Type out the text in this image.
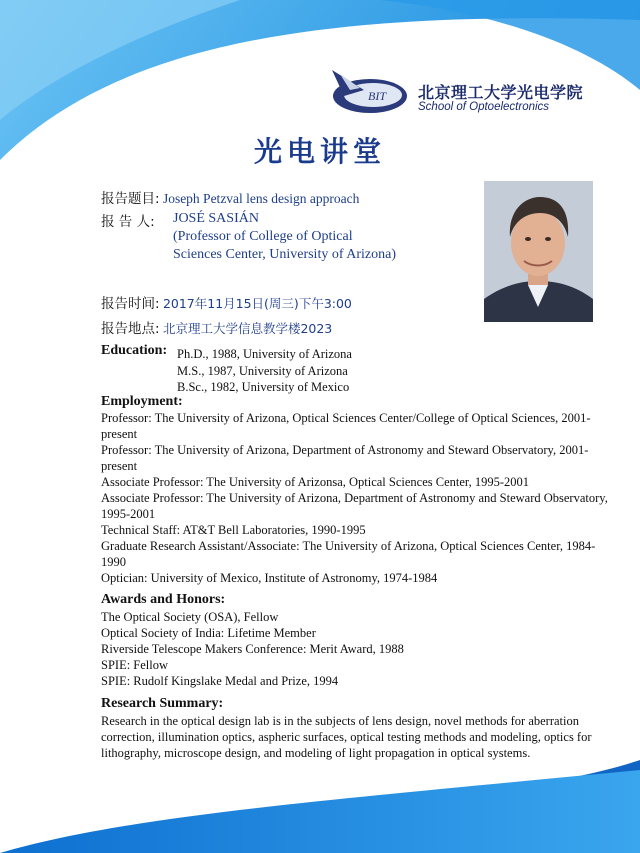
BIT 北京理工大学光电学院
School of Optoelectronics
光电讲堂
报告题目: Joseph Petzval lens design approach
报 告 人: JOSÉ SASIÁN
(Professor of College of Optical Sciences Center, University of Arizona)
报告时间: 2017年11月15日(周三)下午3:00
报告地点: 北京理工大学信息教学楼2023
Education: Ph.D., 1988, University of Arizona
M.S., 1987, University of Arizona
B.Sc., 1982, University of Mexico
Employment:
Professor: The University of Arizona, Optical Sciences Center/College of Optical Sciences, 2001-present
Professor: The University of Arizona, Department of Astronomy and Steward Observatory, 2001-present
Associate Professor: The University of Arizonsa, Optical Sciences Center, 1995-2001
Associate Professor: The University of Arizona, Department of Astronomy and Steward Observatory, 1995-2001
Technical Staff: AT&T Bell Laboratories, 1990-1995
Graduate Research Assistant/Associate: The University of Arizona, Optical Sciences Center, 1984-1990
Optician: University of Mexico, Institute of Astronomy, 1974-1984
Awards and Honors:
The Optical Society (OSA), Fellow
Optical Society of India: Lifetime Member
Riverside Telescope Makers Conference: Merit Award, 1988
SPIE: Fellow
SPIE: Rudolf Kingslake Medal and Prize, 1994
Research Summary:
Research in the optical design lab is in the subjects of lens design, novel methods for aberration correction, illumination optics, aspheric surfaces, optical testing methods and modeling, optics for lithography, microscope design, and modeling of light propagation in optical systems.
